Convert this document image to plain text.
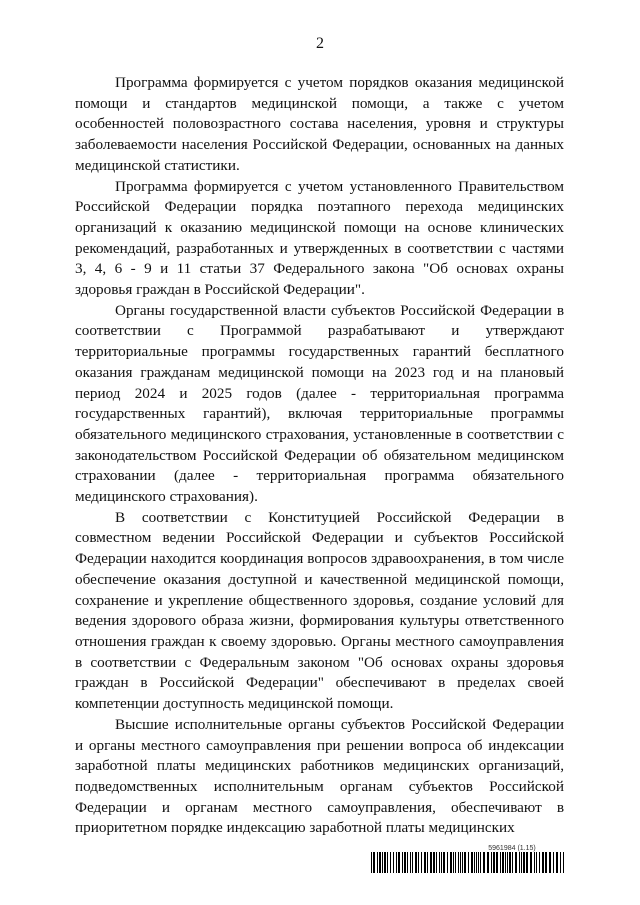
2

Программа формируется с учетом порядков оказания медицинской помощи и стандартов медицинской помощи, а также с учетом особенностей половозрастного состава населения, уровня и структуры заболеваемости населения Российской Федерации, основанных на данных медицинской статистики.

Программа формируется с учетом установленного Правительством Российской Федерации порядка поэтапного перехода медицинских организаций к оказанию медицинской помощи на основе клинических рекомендаций, разработанных и утвержденных в соответствии с частями 3, 4, 6 - 9 и 11 статьи 37 Федерального закона "Об основах охраны здоровья граждан в Российской Федерации".

Органы государственной власти субъектов Российской Федерации в соответствии с Программой разрабатывают и утверждают территориальные программы государственных гарантий бесплатного оказания гражданам медицинской помощи на 2023 год и на плановый период 2024 и 2025 годов (далее - территориальная программа государственных гарантий), включая территориальные программы обязательного медицинского страхования, установленные в соответствии с законодательством Российской Федерации об обязательном медицинском страховании (далее - территориальная программа обязательного медицинского страхования).

В соответствии с Конституцией Российской Федерации в совместном ведении Российской Федерации и субъектов Российской Федерации находится координация вопросов здравоохранения, в том числе обеспечение оказания доступной и качественной медицинской помощи, сохранение и укрепление общественного здоровья, создание условий для ведения здорового образа жизни, формирования культуры ответственного отношения граждан к своему здоровью. Органы местного самоуправления в соответствии с Федеральным законом "Об основах охраны здоровья граждан в Российской Федерации" обеспечивают в пределах своей компетенции доступность медицинской помощи.

Высшие исполнительные органы субъектов Российской Федерации и органы местного самоуправления при решении вопроса об индексации заработной платы медицинских работников медицинских организаций, подведомственных исполнительным органам субъектов Российской Федерации и органам местного самоуправления, обеспечивают в приоритетном порядке индексацию заработной платы медицинских

5961984 (1.15)
